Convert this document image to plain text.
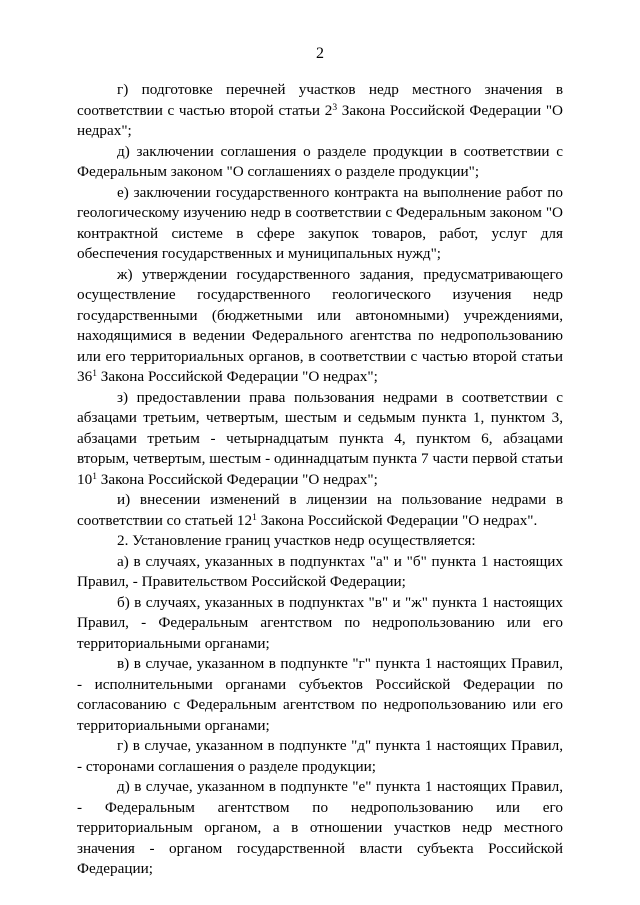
2

г) подготовке перечней участков недр местного значения в соответствии с частью второй статьи $2^3$ Закона Российской Федерации "О недрах";

д) заключении соглашения о разделе продукции в соответствии с Федеральным законом "О соглашениях о разделе продукции";

е) заключении государственного контракта на выполнение работ по геологическому изучению недр в соответствии с Федеральным законом "О контрактной системе в сфере закупок товаров, работ, услуг для обеспечения государственных и муниципальных нужд";

ж) утверждении государственного задания, предусматривающего осуществление государственного геологического изучения недр государственными (бюджетными или автономными) учреждениями, находящимися в ведении Федерального агентства по недропользованию или его территориальных органов, в соответствии с частью второй статьи $36^1$ Закона Российской Федерации "О недрах";

з) предоставлении права пользования недрами в соответствии с абзацами третьим, четвертым, шестым и седьмым пункта 1, пунктом 3, абзацами третьим - четырнадцатым пункта 4, пунктом 6, абзацами вторым, четвертым, шестым - одиннадцатым пункта 7 части первой статьи $10^1$ Закона Российской Федерации "О недрах";

и) внесении изменений в лицензии на пользование недрами в соответствии со статьей $12^1$ Закона Российской Федерации "О недрах".

2. Установление границ участков недр осуществляется:

а) в случаях, указанных в подпунктах "а" и "б" пункта 1 настоящих Правил, - Правительством Российской Федерации;

б) в случаях, указанных в подпунктах "в" и "ж" пункта 1 настоящих Правил, - Федеральным агентством по недропользованию или его территориальными органами;

в) в случае, указанном в подпункте "г" пункта 1 настоящих Правил, - исполнительными органами субъектов Российской Федерации по согласованию с Федеральным агентством по недропользованию или его территориальными органами;

г) в случае, указанном в подпункте "д" пункта 1 настоящих Правил, - сторонами соглашения о разделе продукции;

д) в случае, указанном в подпункте "е" пункта 1 настоящих Правил, - Федеральным агентством по недропользованию или его территориальным органом, а в отношении участков недр местного значения - органом государственной власти субъекта Российской Федерации;
